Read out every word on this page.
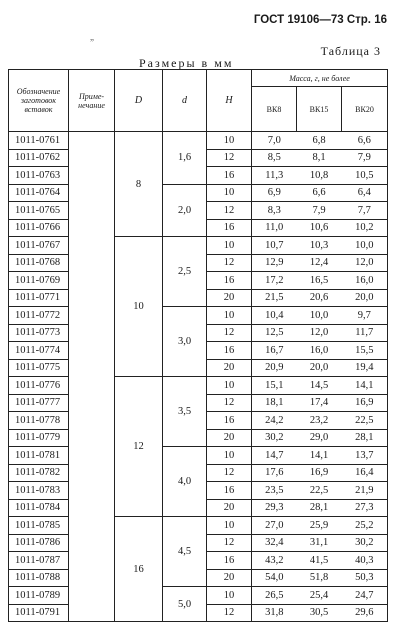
ГОСТ 19106—73 Стр. 16
„
Таблица 3
Размеры в мм
Обозначение заготовок вставок	Приме- нечание	D	d	H	Масса, г, не более		
					ВК8	ВК15	ВК20
1011-0761		8	1,6	10	7,0	6,8	6,6
1011-0762				12	8,5	8,1	7,9
1011-0763				16	11,3	10,8	10,5
1011-0764			2,0	10	6,9	6,6	6,4
1011-0765				12	8,3	7,9	7,7
1011-0766				16	11,0	10,6	10,2
1011-0767		10	2,5	10	10,7	10,3	10,0
1011-0768				12	12,9	12,4	12,0
1011-0769				16	17,2	16,5	16,0
1011-0771				20	21,5	20,6	20,0
1011-0772			3,0	10	10,4	10,0	9,7
1011-0773				12	12,5	12,0	11,7
1011-0774				16	16,7	16,0	15,5
1011-0775				20	20,9	20,0	19,4
1011-0776		12	3,5	10	15,1	14,5	14,1
1011-0777				12	18,1	17,4	16,9
1011-0778				16	24,2	23,2	22,5
1011-0779				20	30,2	29,0	28,1
1011-0781			4,0	10	14,7	14,1	13,7
1011-0782				12	17,6	16,9	16,4
1011-0783				16	23,5	22,5	21,9
1011-0784				20	29,3	28,1	27,3
1011-0785		16	4,5	10	27,0	25,9	25,2
1011-0786				12	32,4	31,1	30,2
1011-0787				16	43,2	41,5	40,3
1011-0788				20	54,0	51,8	50,3
1011-0789			5,0	10	26,5	25,4	24,7
1011-0791				12	31,8	30,5	29,6
